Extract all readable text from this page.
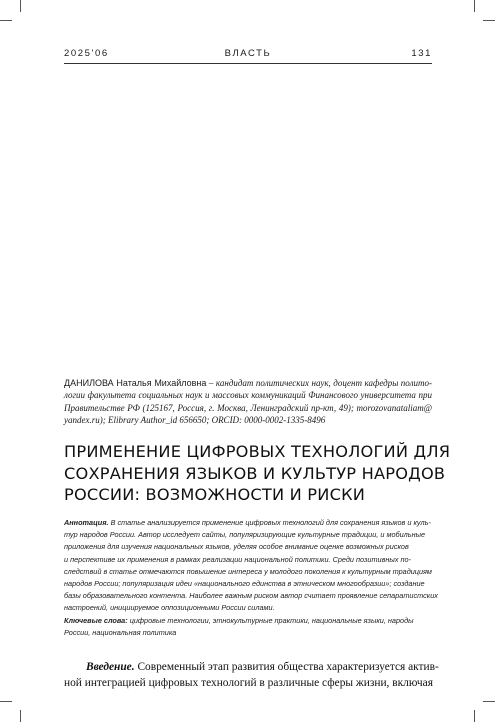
2025'06	ВЛАСТЬ	131
ДАНИЛОВА Наталья Михайловна – кандидат политических наук, доцент кафедры полито- логии факультета социальных наук и массовых коммуникаций Финансового университета при Правительстве РФ (125167, Россия, г. Москва, Ленинградский пр-кт, 49); morozovanataliam@ yandex.ru); Elibrary Author_id 656650; ORCID: 0000-0002-1335-8496
ПРИМЕНЕНИЕ ЦИФРОВЫХ ТЕХНОЛОГИЙ ДЛЯ
СОХРАНЕНИЯ ЯЗЫКОВ И КУЛЬТУР НАРОДОВ
РОССИИ: ВОЗМОЖНОСТИ И РИСКИ
Аннотация. В статье анализируется применение цифровых технологий для сохранения языков и куль-
тур народов России. Автор исследует сайты, популяризирующие культурные традиции, и мобильные
приложения для изучения национальных языков, уделяя особое внимание оценке возможных рисков
и перспективе их применения в рамках реализации национальной политики. Среди позитивных по-
следствий в статье отмечаются повышение интереса у молодого поколения к культурным традициям
народов России; популяризация идеи «национального единства в этническом многообразии»; создание
базы образовательного контента. Наиболее важным риском автор считает проявление сепаратистских
настроений, инициируемое оппозиционными России силами.
Ключевые слова: цифровые технологии, этнокультурные практики, национальные языки, народы
России, национальная политика
Введение. Современный этап развития общества характеризуется актив-
ной интеграцией цифровых технологий в различные сферы жизни, включая
